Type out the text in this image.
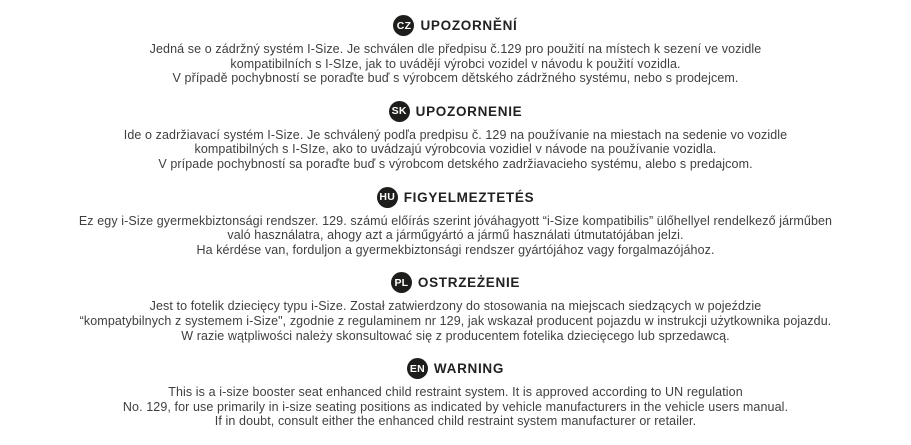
CZ UPOZORNĚNÍ
Jedná se o zádržný systém I-Size. Je schválen dle předpisu č.129 pro použití na místech k sezení ve vozidle
kompatibilních s I-SIze, jak to uvádějí výrobci vozidel v návodu k použití vozidla.
V případě pochybností se poraďte buď s výrobcem dětského zádržného systému, nebo s prodejcem.
SK UPOZORNENIE
Ide o zadržiavací systém I-Size. Je schválený podľa predpisu č. 129 na používanie na miestach na sedenie vo vozidle
kompatibilných s I-SIze, ako to uvádzajú výrobcovia vozidiel v návode na používanie vozidla.
V prípade pochybností sa poraďte buď s výrobcom detského zadržiavacieho systému, alebo s predajcom.
HU FIGYELMEZTETÉS
Ez egy i-Size gyermekbiztonsági rendszer. 129. számú előírás szerint jóváhagyott “i-Size kompatibilis” ülőhellyel rendelkező járműben
való használatra, ahogy azt a járműgyártó a jármű használati útmutatójában jelzi.
Ha kérdése van, forduljon a gyermekbiztonsági rendszer gyártójához vagy forgalmazójához.
PL OSTRZEŻENIE
Jest to fotelik dziecięcy typu i-Size. Został zatwierdzony do stosowania na miejscach siedzących w pojeździe
“kompatybilnych z systemem i-Size", zgodnie z regulaminem nr 129, jak wskazał producent pojazdu w instrukcji użytkownika pojazdu.
W razie wątpliwości należy skonsultować się z producentem fotelika dziecięcego lub sprzedawcą.
EN WARNING
This is a i-size booster seat enhanced child restraint system. It is approved according to UN regulation
No. 129, for use primarily in i-size seating positions as indicated by vehicle manufacturers in the vehicle users manual.
If in doubt, consult either the enhanced child restraint system manufacturer or retailer.
